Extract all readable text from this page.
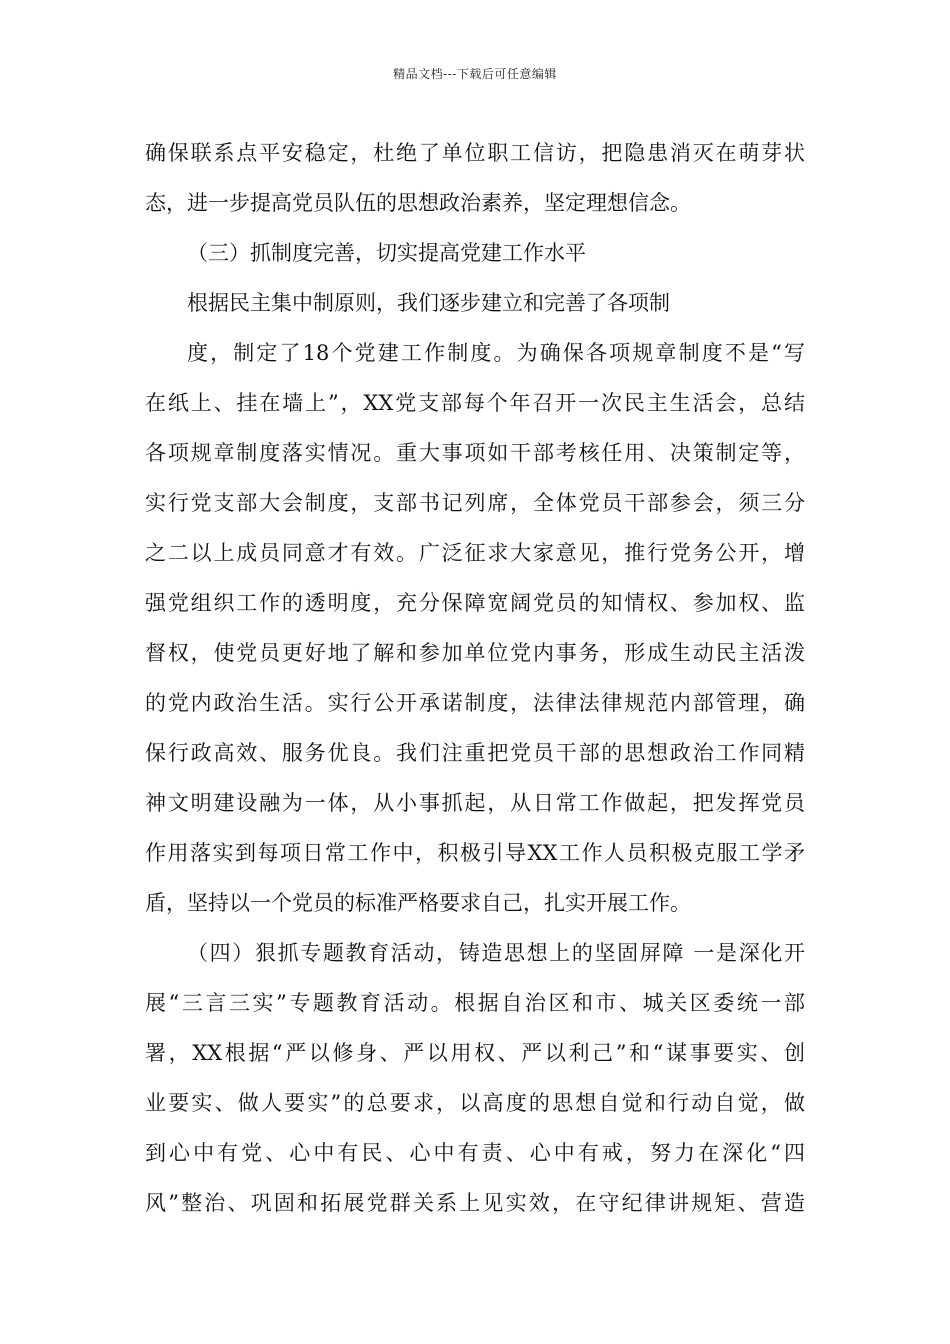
精品文档---下载后可任意编辑
确保联系点平安稳定，杜绝了单位职工信访，把隐患消灭在萌芽状
态，进一步提高党员队伍的思想政治素养，坚定理想信念。
（三）抓制度完善，切实提高党建工作水平
根据民主集中制原则，我们逐步建立和完善了各项制
度，制定了18个党建工作制度。为确保各项规章制度不是“写
在纸上、挂在墙上”，XX党支部每个年召开一次民主生活会，总结
各项规章制度落实情况。重大事项如干部考核任用、决策制定等，
实行党支部大会制度，支部书记列席，全体党员干部参会，须三分
之二以上成员同意才有效。广泛征求大家意见，推行党务公开，增
强党组织工作的透明度，充分保障宽阔党员的知情权、参加权、监
督权，使党员更好地了解和参加单位党内事务，形成生动民主活泼
的党内政治生活。实行公开承诺制度，法律法律规范内部管理，确
保行政高效、服务优良。我们注重把党员干部的思想政治工作同精
神文明建设融为一体，从小事抓起，从日常工作做起，把发挥党员
作用落实到每项日常工作中，积极引导XX工作人员积极克服工学矛
盾，坚持以一个党员的标准严格要求自己，扎实开展工作。
（四）狠抓专题教育活动，铸造思想上的坚固屏障 一是深化开
展“三言三实”专题教育活动。根据自治区和市、城关区委统一部
署，XX根据“严以修身、严以用权、严以利己”和“谋事要实、创
业要实、做人要实”的总要求，以高度的思想自觉和行动自觉，做
到心中有党、心中有民、心中有责、心中有戒，努力在深化“四
风”整治、巩固和拓展党群关系上见实效，在守纪律讲规矩、营造
